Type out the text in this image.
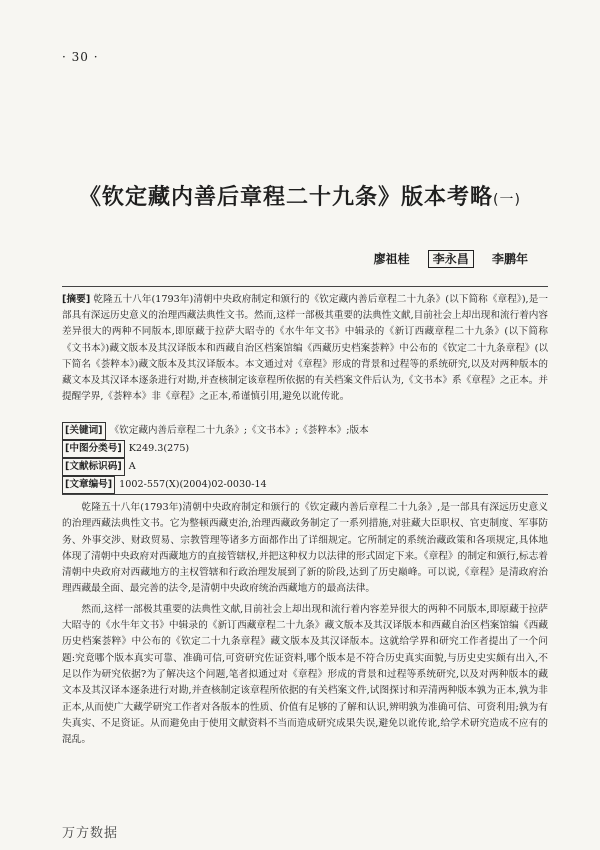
· 30 ·
《钦定藏内善后章程二十九条》版本考略(一)
廖祖桂 李永昌 李鹏年
[摘要] 乾隆五十八年(1793年)清朝中央政府制定和颁行的《钦定藏内善后章程二十九条》(以下简称《章程》),是一部具有深远历史意义的治理西藏法典性文书。然而,这样一部极其重要的法典性文献,目前社会上却出现和流行着内容差异很大的两种不同版本,即原藏于拉萨大昭寺的《水牛年文书》中辑录的《新订西藏章程二十九条》(以下简称《文书本》)藏文版本及其汉译版本和西藏自治区档案馆编《西藏历史档案荟粹》中公布的《钦定二十九条章程》(以下简名《荟粹本》)藏文版本及其汉译版本。本文通过对《章程》形成的背景和过程等的系统研究,以及对两种版本的藏文本及其汉译本逐条进行对勘,并查核制定该章程所依据的有关档案文件后认为,《文书本》系《章程》之正本。并提醒学界,《荟粹本》非《章程》之正本,希谨慎引用,避免以讹传讹。
[关键词] 《钦定藏内善后章程二十九条》;《文书本》;《荟粹本》;版本
[中图分类号] K249.3(275)
[文献标识码] A
[文章编号] 1002-557(X)(2004)02-0030-14

乾隆五十八年(1793年)清朝中央政府制定和颁行的《钦定藏内善后章程二十九条》,是一部具有深远历史意义的治理西藏法典性文书。它为整顿西藏吏治,治理西藏政务制定了一系列措施,对驻藏大臣职权、官吏制度、军事防务、外事交涉、财政贸易、宗教管理等诸多方面都作出了详细规定。它所制定的系统治藏政策和各项规定,具体地体现了清朝中央政府对西藏地方的直接管辖权,并把这种权力以法律的形式固定下来。《章程》的制定和颁行,标志着清朝中央政府对西藏地方的主权管辖和行政治理发展到了新的阶段,达到了历史巅峰。可以说,《章程》是清政府治理西藏最全面、最完善的法令,是清朝中央政府统治西藏地方的最高法律。

然而,这样一部极其重要的法典性文献,目前社会上却出现和流行着内容差异很大的两种不同版本,即原藏于拉萨大昭寺的《水牛年文书》中辑录的《新订西藏章程二十九条》藏文版本及其汉译版本和西藏自治区档案馆编《西藏历史档案荟粹》中公布的《钦定二十九条章程》藏文版本及其汉译版本。这就给学界和研究工作者提出了一个问题:究竟哪个版本真实可靠、准确可信,可资研究佐证资料,哪个版本是不符合历史真实面貌,与历史史实颇有出入,不足以作为研究依据?为了解决这个问题,笔者拟通过对《章程》形成的背景和过程等系统研究,以及对两种版本的藏文本及其汉译本逐条进行对勘,并查核制定该章程所依据的有关档案文件,试图探讨和弄清两种版本孰为正本,孰为非正本,从而使广大藏学研究工作者对各版本的性质、价值有足够的了解和认识,辨明孰为准确可信、可资利用;孰为有失真实、不足资证。从而避免由于使用文献资料不当而造成研究成果失误,避免以讹传讹,给学术研究造成不应有的混乱。

万方数据
